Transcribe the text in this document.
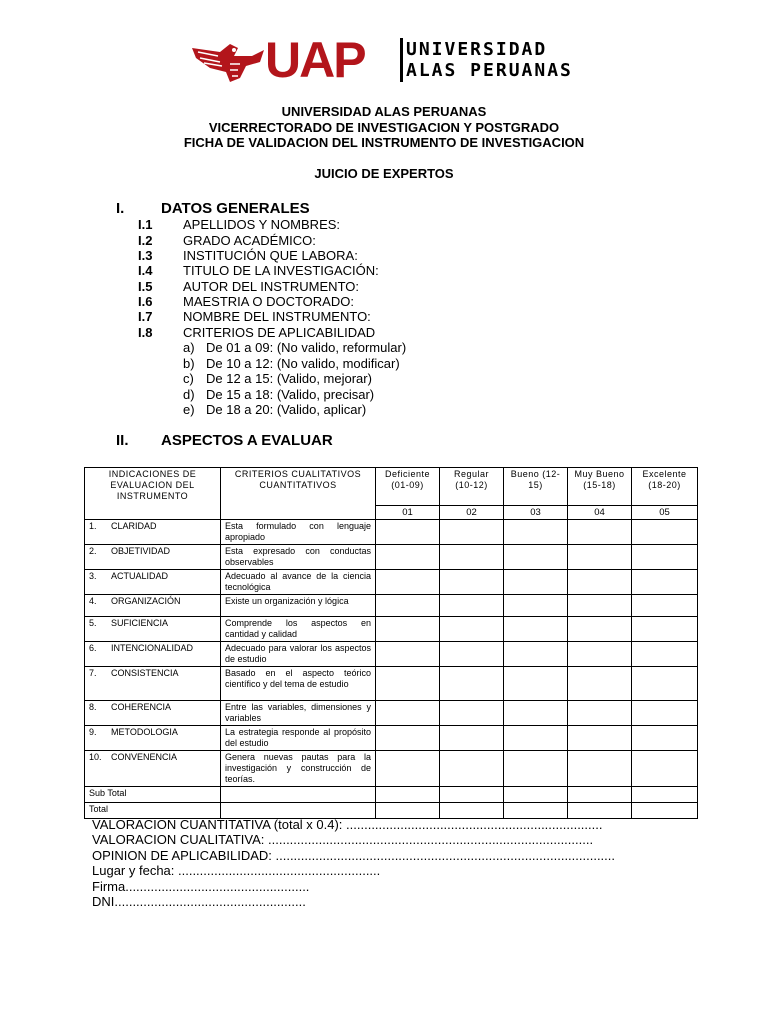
UAP UNIVERSIDAD
ALAS PERUANAS
UNIVERSIDAD ALAS PERUANAS
VICERRECTORADO DE INVESTIGACION Y POSTGRADO
FICHA DE VALIDACION DEL INSTRUMENTO DE INVESTIGACION
JUICIO DE EXPERTOS
I. DATOS GENERALES
I.1 APELLIDOS Y NOMBRES:
I.2 GRADO ACADÉMICO:
I.3 INSTITUCIÓN QUE LABORA:
I.4 TITULO DE LA INVESTIGACIÓN:
I.5 AUTOR DEL INSTRUMENTO:
I.6 MAESTRIA O DOCTORADO:
I.7 NOMBRE DEL INSTRUMENTO:
I.8 CRITERIOS DE APLICABILIDAD
a) De 01 a 09: (No valido, reformular)
b) De 10 a 12: (No valido, modificar)
c) De 12 a 15: (Valido, mejorar)
d) De 15 a 18: (Valido, precisar)
e) De 18 a 20: (Valido, aplicar)
II. ASPECTOS A EVALUAR
INDICACIONES DE EVALUACION DEL INSTRUMENTO	CRITERIOS CUALITATIVOS CUANTITATIVOS	Deficiente (01-09)	Regular (10-12)	Bueno (12-15)	Muy Bueno (15-18)	Excelente (18-20)
		01	02	03	04	05
1. CLARIDAD	Esta formulado con lenguaje apropiado					
2. OBJETIVIDAD	Esta expresado con conductas observables					
3. ACTUALIDAD	Adecuado al avance de la ciencia tecnológica					
4. ORGANIZACIÓN	Existe un organización y lógica					
5. SUFICIENCIA	Comprende los aspectos en cantidad y calidad					
6. INTENCIONALIDAD	Adecuado para valorar los aspectos de estudio					
7. CONSISTENCIA	Basado en el aspecto teórico científico y del tema de estudio					
8. COHERENCIA	Entre las variables, dimensiones y variables					
9. METODOLOGIA	La estrategia responde al propósito del estudio					
10. CONVENENCIA	Genera nuevas pautas para la investigación y construcción de teorías.					
Sub Total						
Total						
VALORACION CUANTITATIVA (total x 0.4): .......................................................................
VALORACION CUALITATIVA: ..........................................................................................
OPINION DE APLICABILIDAD: ..............................................................................................
Lugar y fecha: ........................................................
Firma...................................................
DNI.....................................................
